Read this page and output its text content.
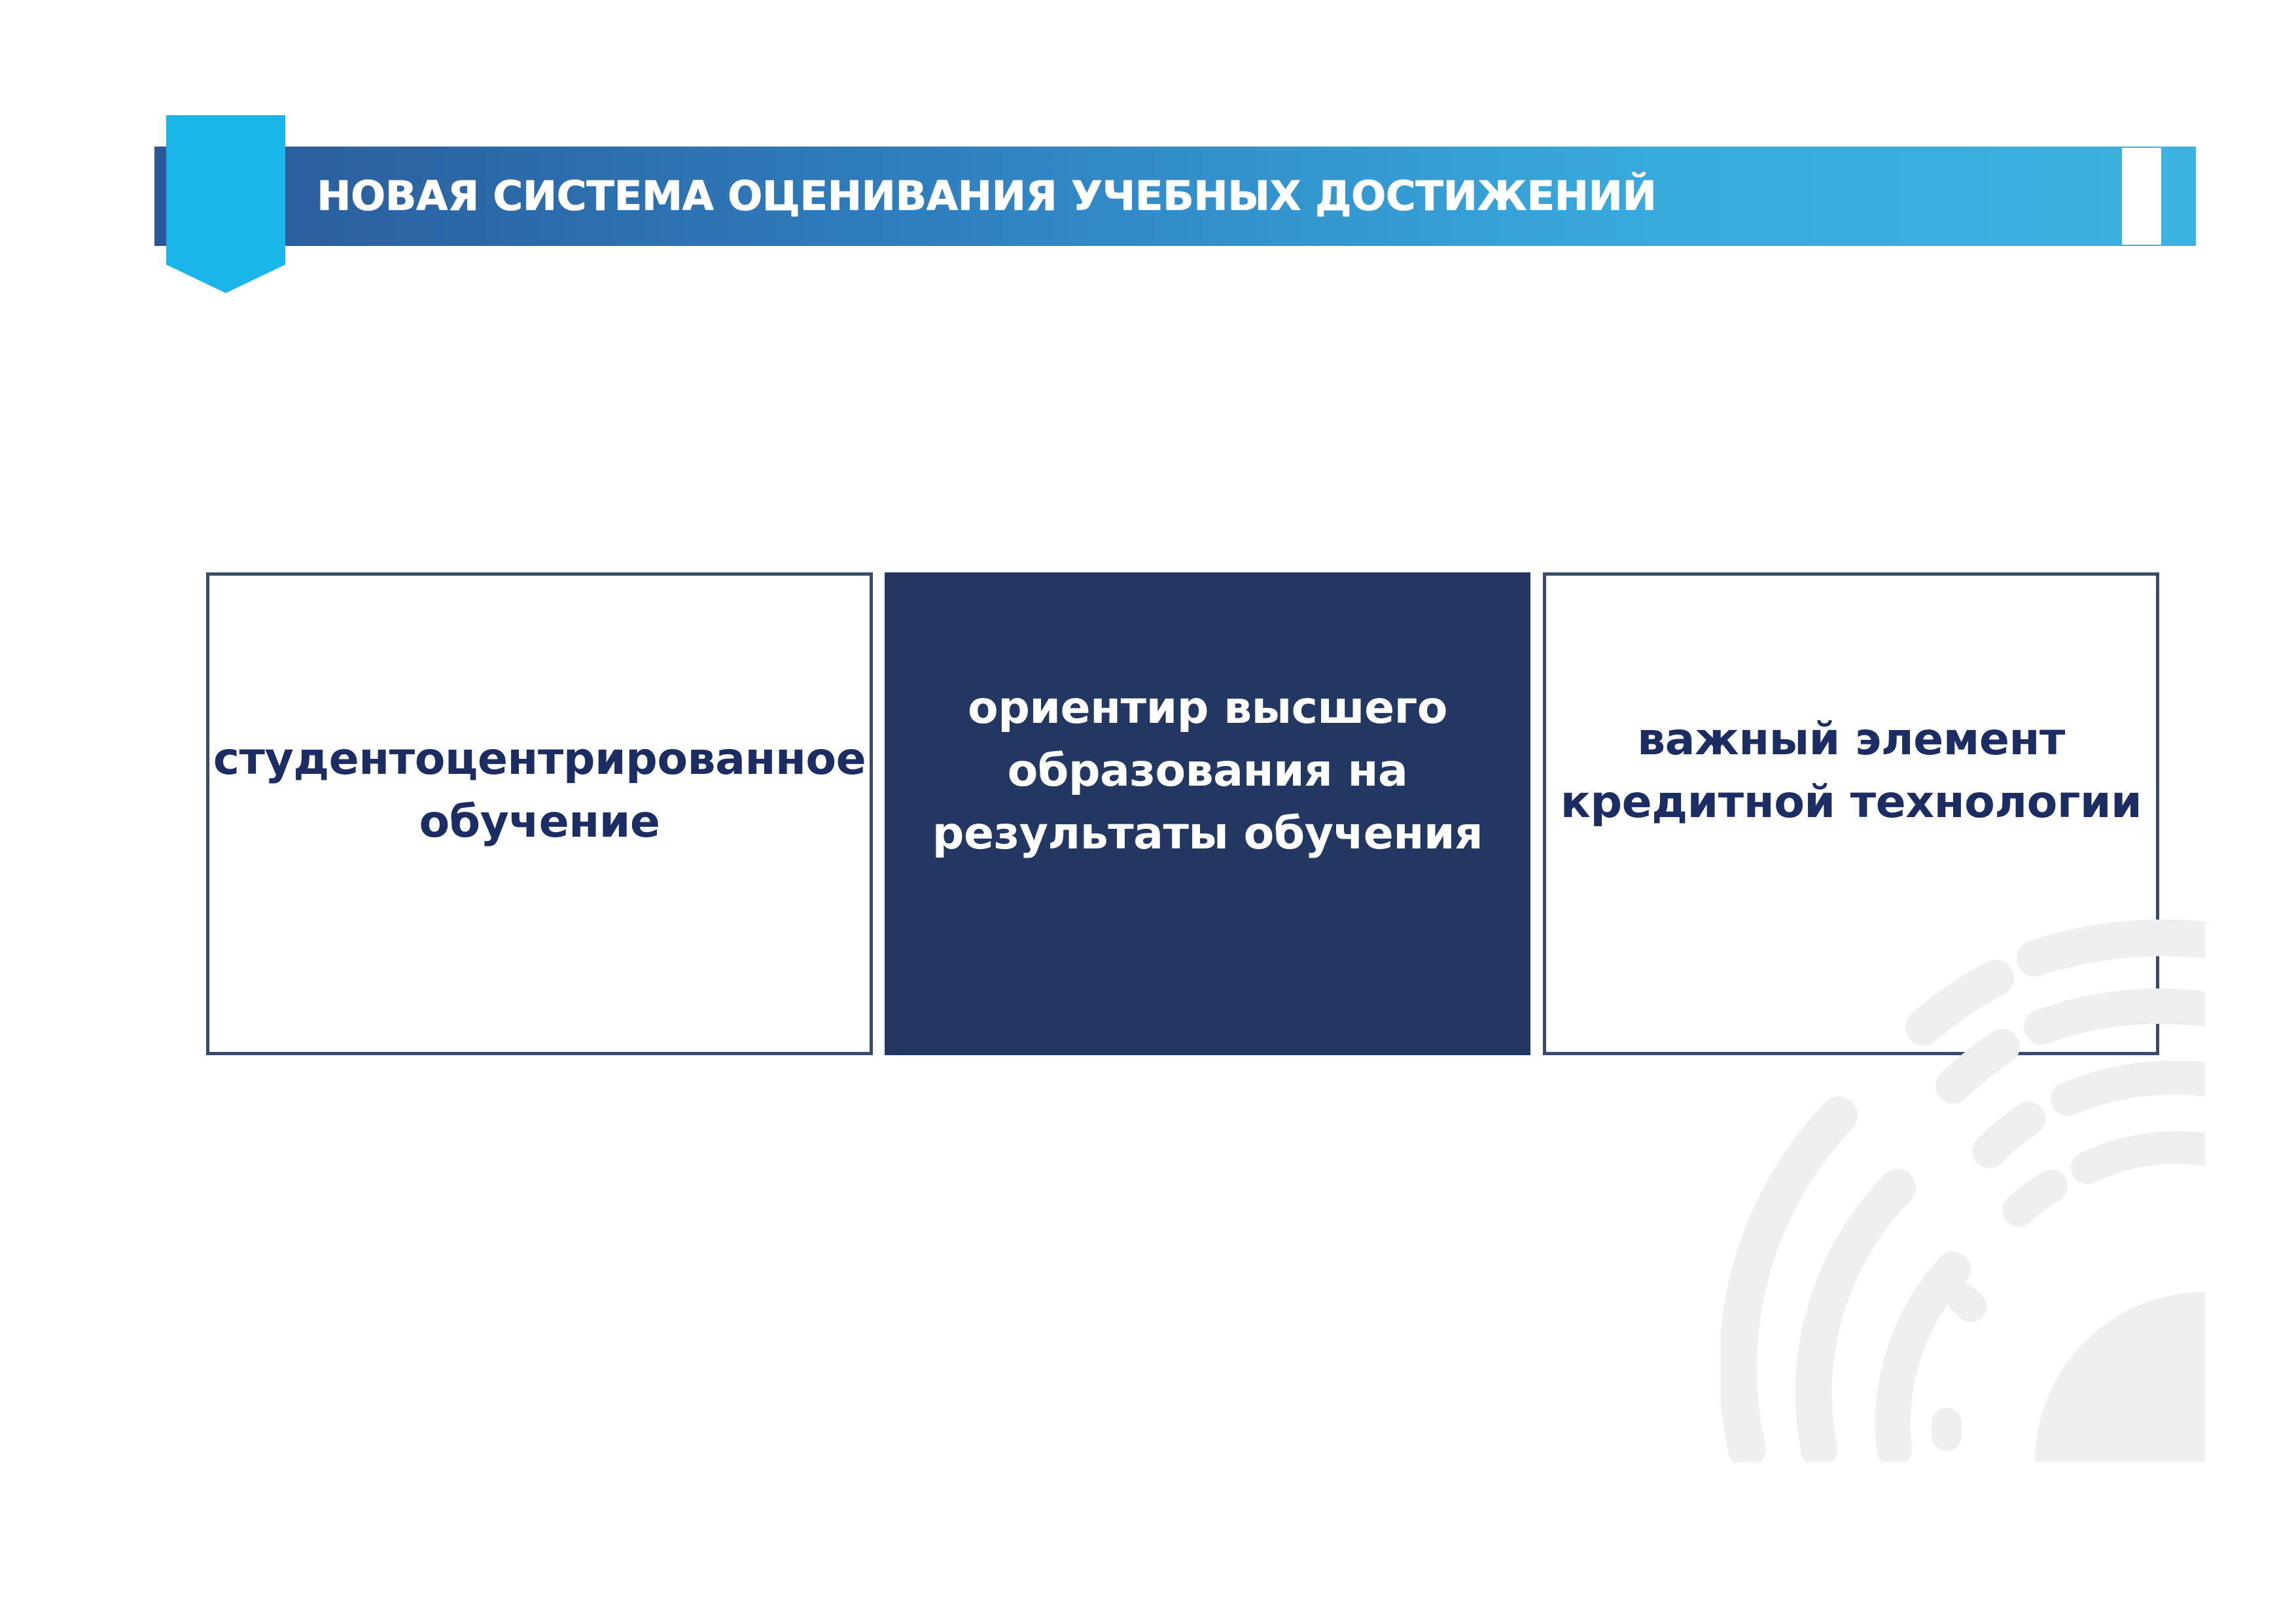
НОВАЯ СИСТЕМА ОЦЕНИВАНИЯ УЧЕБНЫХ ДОСТИЖЕНИЙ
студентоцентрированное
обучение
ориентир высшего
образования на
результаты обучения
важный элемент
кредитной технологии
